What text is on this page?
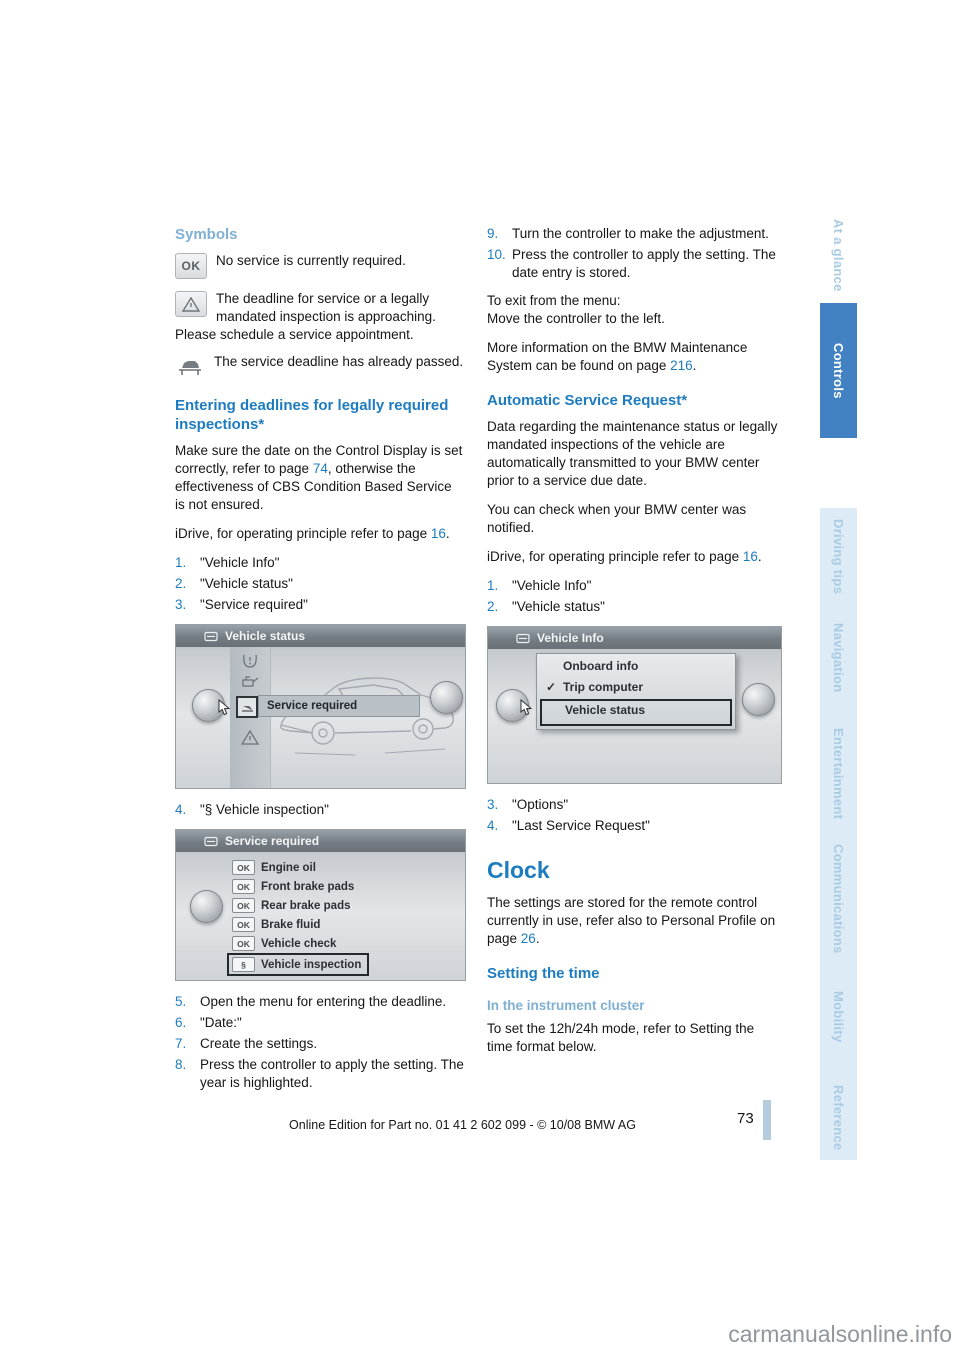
Symbols
OK	No service is currently required.
The deadline for service or a legally mandated inspection is approaching. Please schedule a service appointment.
The service deadline has already passed.
Entering deadlines for legally required inspections*

Make sure the date on the Control Display is set correctly, refer to page 74, otherwise the effectiveness of CBS Condition Based Service is not ensured.

iDrive, for operating principle refer to page 16.

1.	"Vehicle Info"
2.	"Vehicle status"
3.	"Service required"
Vehicle status
Service required
4.	"§ Vehicle inspection"
Service required
OK Engine oil
OK Front brake pads
OK Rear brake pads
OK Brake fluid
OK Vehicle check
§	Vehicle inspection
5.	Open the menu for entering the deadline.
6.	"Date:"
7.	Create the settings.
8.	Press the controller to apply the setting. The year is highlighted.
9.	Turn the controller to make the adjustment.
10. Press the controller to apply the setting. The date entry is stored.

To exit from the menu:
Move the controller to the left.

More information on the BMW Maintenance System can be found on page 216.

Automatic Service Request*

Data regarding the maintenance status or legally mandated inspections of the vehicle are automatically transmitted to your BMW center prior to a service due date.

You can check when your BMW center was notified.

iDrive, for operating principle refer to page 16.

1.	"Vehicle Info"
2.	"Vehicle status"
Vehicle Info
Onboard info
✓ Trip computer
Vehicle status
3.	"Options"
4.	"Last Service Request"
Clock

The settings are stored for the remote control currently in use, refer also to Personal Profile on page 26.

Setting the time
In the instrument cluster

To set the 12h/24h mode, refer to Setting the time format below.

At a glance
Controls
Driving tips
Navigation
Entertainment
Communications
Mobility
Reference
Online Edition for Part no. 01 41 2 602 099 - © 10/08 BMW AG	73
carmanualsonline.info
